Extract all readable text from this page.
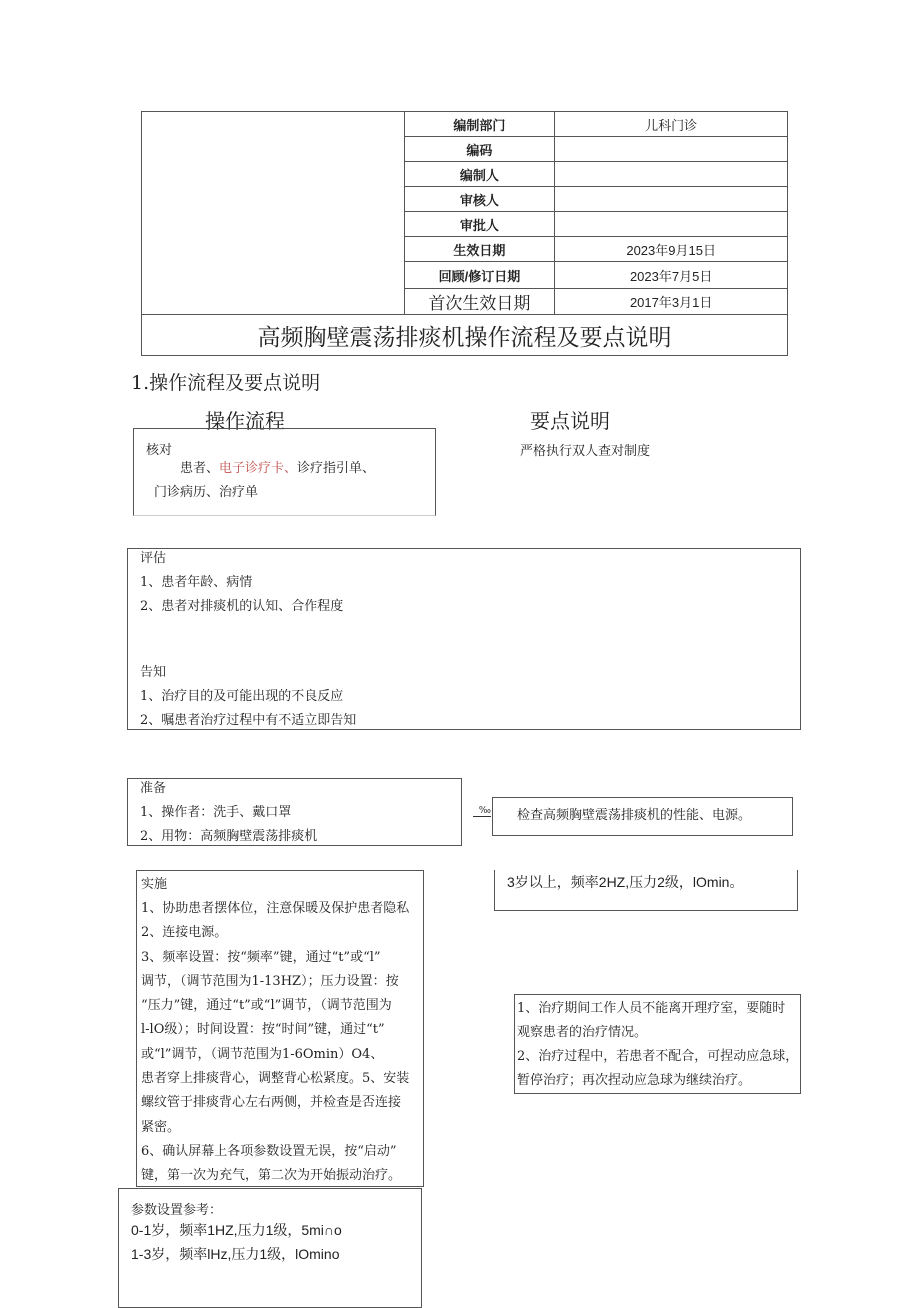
	编制部门	儿科门诊
	编码	
	编制人	
	审核人	
	审批人	
	生效日期	2023年9月15日
	回顾/修订日期	2023年7月5日
	首次生效日期	2017年3月1日
高频胸壁震荡排痰机操作流程及要点说明		
1.操作流程及要点说明
操作流程	要点说明
核对
患者、电子诊疗卡、诊疗指引单、
门诊病历、治疗单
严格执行双人查对制度
评估
1、患者年龄、病情
2、患者对排痰机的认知、合作程度
告知
1、治疗目的及可能出现的不良反应
2、嘱患者治疗过程中有不适立即告知
准备
1、操作者：洗手、戴口罩
2、用物：高频胸壁震荡排痰机
‰ 检查高频胸壁震荡排痰机的性能、电源。
实施
1、协助患者摆体位，注意保暖及保护患者隐私
2、连接电源。
3、频率设置：按“频率”键，通过“t”或“l”
调节，（调节范围为1-13HZ）；压力设置：按
“压力”键，通过“t”或“l”调节，（调节范围为
l-lO级）；时间设置：按“时间”键，通过“t”
或“l”调节，（调节范围为1-6Omin）O4、
患者穿上排痰背心，调整背心松紧度。5、安装
螺纹管于排痰背心左右两侧，并检查是否连接
紧密。
6、确认屏幕上各项参数设置无误，按“启动”
键，第一次为充气，第二次为开始振动治疗。
3岁以上，频率2HZ,压力2级，lOmin。
1、治疗期间工作人员不能离开理疗室，要随时
观察患者的治疗情况。
2、治疗过程中，若患者不配合，可捏动应急球，
暂停治疗；再次捏动应急球为继续治疗。
参数设置参考：
0-1岁，频率1HZ,压力1级，5mi∩o
1-3岁，频率lHz,压力1级，lOmino
